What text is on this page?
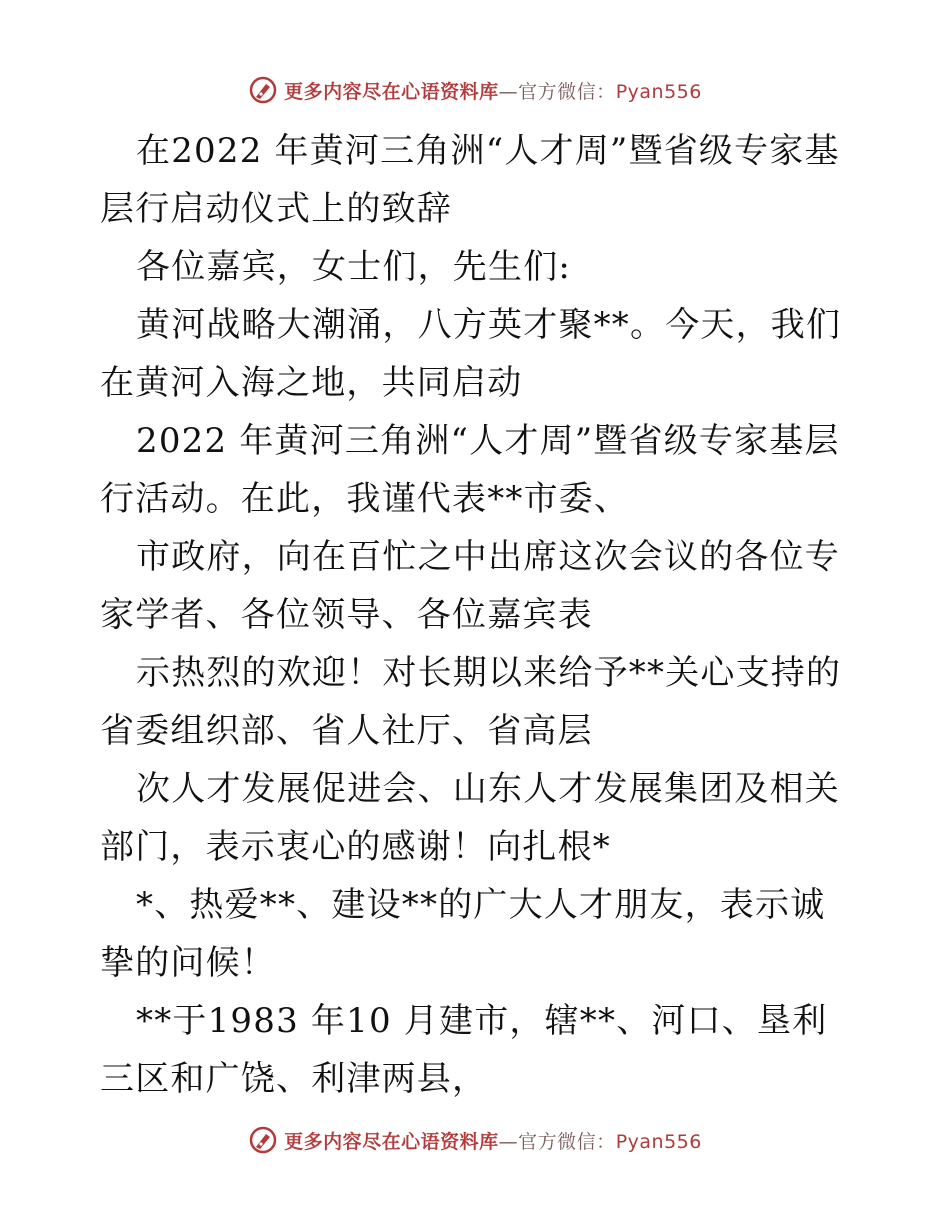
更多内容尽在心语资料库—官方微信：Pyan556

在2022 年黄河三角洲“人才周”暨省级专家基层行启动仪式上的致辞

各位嘉宾，女士们，先生们:

黄河战略大潮涌，八方英才聚**。今天，我们在黄河入海之地，共同启动

2022 年黄河三角洲“人才周”暨省级专家基层行活动。在此，我谨代表**市委、

市政府，向在百忙之中出席这次会议的各位专家学者、各位领导、各位嘉宾表

示热烈的欢迎！对长期以来给予**关心支持的省委组织部、省人社厅、省高层

次人才发展促进会、山东人才发展集团及相关部门，表示衷心的感谢！向扎根*

*、热爱**、建设**的广大人才朋友，表示诚挚的问候！

**于1983 年10 月建市，辖**、河口、垦利三区和广饶、利津两县，

更多内容尽在心语资料库—官方微信：Pyan556
